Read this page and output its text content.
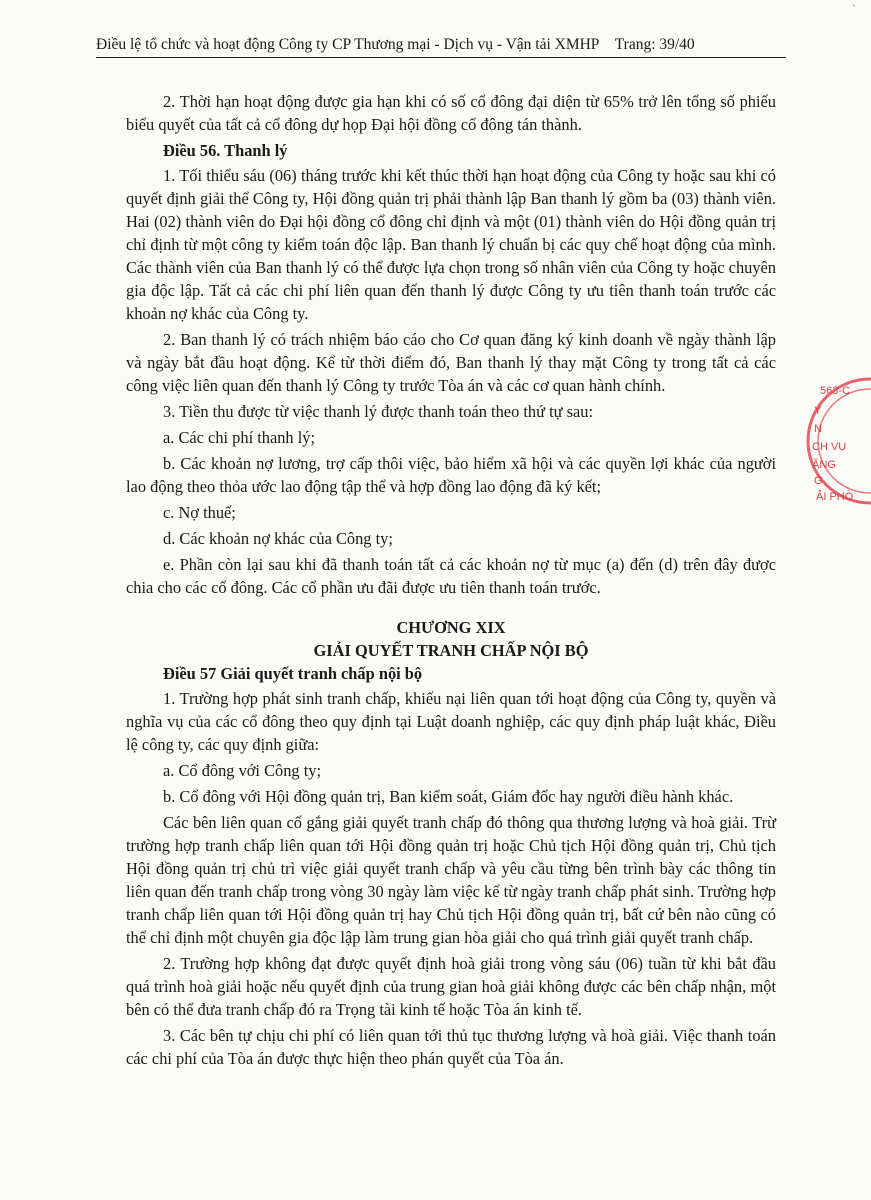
`
Điều lệ tổ chức và hoạt động Công ty CP Thương mại - Dịch vụ - Vận tải XMHP Trang: 39/40

2. Thời hạn hoạt động được gia hạn khi có số cổ đông đại diện từ 65% trở lên tổng số phiếu biểu quyết của tất cả cổ đông dự họp Đại hội đồng cổ đông tán thành.

Điều 56. Thanh lý

1. Tối thiểu sáu (06) tháng trước khi kết thúc thời hạn hoạt động của Công ty hoặc sau khi có quyết định giải thể Công ty, Hội đồng quản trị phải thành lập Ban thanh lý gồm ba (03) thành viên. Hai (02) thành viên do Đại hội đồng cổ đông chỉ định và một (01) thành viên do Hội đồng quản trị chỉ định từ một công ty kiểm toán độc lập. Ban thanh lý chuẩn bị các quy chế hoạt động của mình. Các thành viên của Ban thanh lý có thể được lựa chọn trong số nhân viên của Công ty hoặc chuyên gia độc lập. Tất cả các chi phí liên quan đến thanh lý được Công ty ưu tiên thanh toán trước các khoản nợ khác của Công ty.

2. Ban thanh lý có trách nhiệm báo cáo cho Cơ quan đăng ký kinh doanh về ngày thành lập và ngày bắt đầu hoạt động. Kể từ thời điểm đó, Ban thanh lý thay mặt Công ty trong tất cả các công việc liên quan đến thanh lý Công ty trước Tòa án và các cơ quan hành chính.

3. Tiền thu được từ việc thanh lý được thanh toán theo thứ tự sau:

a. Các chi phí thanh lý;

b. Các khoản nợ lương, trợ cấp thôi việc, bảo hiểm xã hội và các quyền lợi khác của người lao động theo thỏa ước lao động tập thể và hợp đồng lao động đã ký kết;

c. Nợ thuế;

d. Các khoản nợ khác của Công ty;

e. Phần còn lại sau khi đã thanh toán tất cả các khoản nợ từ mục (a) đến (d) trên đây được chia cho các cổ đông. Các cổ phần ưu đãi được ưu tiên thanh toán trước.

CHƯƠNG XIX

GIẢI QUYẾT TRANH CHẤP NỘI BỘ

Điều 57 Giải quyết tranh chấp nội bộ

1. Trường hợp phát sinh tranh chấp, khiếu nại liên quan tới hoạt động của Công ty, quyền và nghĩa vụ của các cổ đông theo quy định tại Luật doanh nghiệp, các quy định pháp luật khác, Điều lệ công ty, các quy định giữa:

a. Cổ đông với Công ty;

b. Cổ đông với Hội đồng quản trị, Ban kiểm soát, Giám đốc hay người điều hành khác.

Các bên liên quan cố gắng giải quyết tranh chấp đó thông qua thương lượng và hoà giải. Trừ trường hợp tranh chấp liên quan tới Hội đồng quản trị hoặc Chủ tịch Hội đồng quản trị, Chủ tịch Hội đồng quản trị chủ trì việc giải quyết tranh chấp và yêu cầu từng bên trình bày các thông tin liên quan đến tranh chấp trong vòng 30 ngày làm việc kể từ ngày tranh chấp phát sinh. Trường hợp tranh chấp liên quan tới Hội đồng quản trị hay Chủ tịch Hội đồng quản trị, bất cứ bên nào cũng có thể chỉ định một chuyên gia độc lập làm trung gian hòa giải cho quá trình giải quyết tranh chấp.

2. Trường hợp không đạt được quyết định hoà giải trong vòng sáu (06) tuần từ khi bắt đầu quá trình hoà giải hoặc nếu quyết định của trung gian hoà giải không được các bên chấp nhận, một bên có thể đưa tranh chấp đó ra Trọng tài kinh tế hoặc Tòa án kinh tế.

3. Các bên tự chịu chi phí có liên quan tới thủ tục thương lượng và hoà giải. Việc thanh toán các chi phí của Tòa án được thực hiện theo phán quyết của Tòa án.

563-C
Y
N
CH VỤ
ĂNG
G
ẢI PHÒ
